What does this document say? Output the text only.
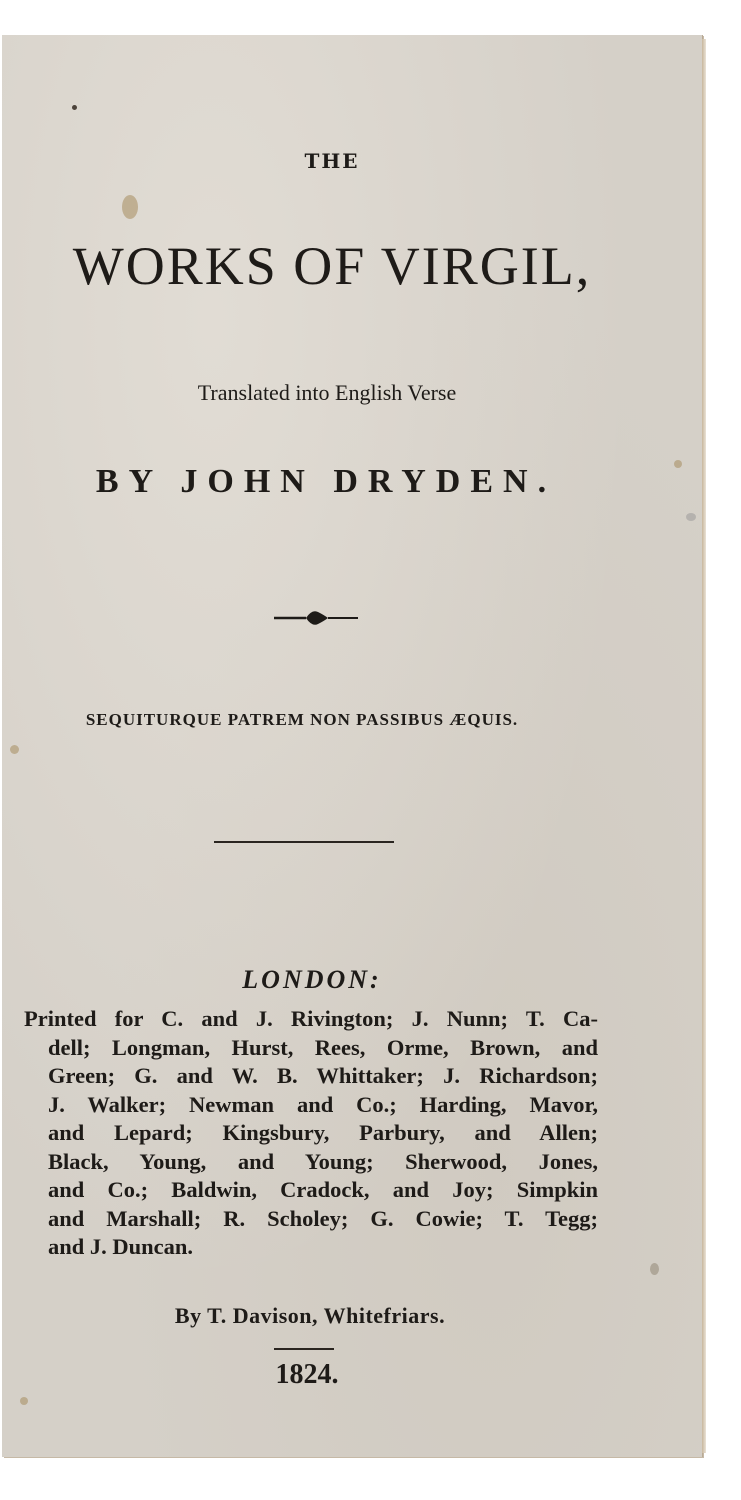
THE
WORKS OF VIRGIL,
Translated into English Verse
BY JOHN DRYDEN.
SEQUITURQUE PATREM NON PASSIBUS ÆQUIS.
LONDON:
Printed for C. and J. Rivington; J. Nunn; T. Ca-
dell; Longman, Hurst, Rees, Orme, Brown, and
Green; G. and W. B. Whittaker; J. Richardson;
J. Walker; Newman and Co.; Harding, Mavor,
and Lepard; Kingsbury, Parbury, and Allen;
Black, Young, and Young; Sherwood, Jones,
and Co.; Baldwin, Cradock, and Joy; Simpkin
and Marshall; R. Scholey; G. Cowie; T. Tegg;
and J. Duncan.
By T. Davison, Whitefriars.
1824.
